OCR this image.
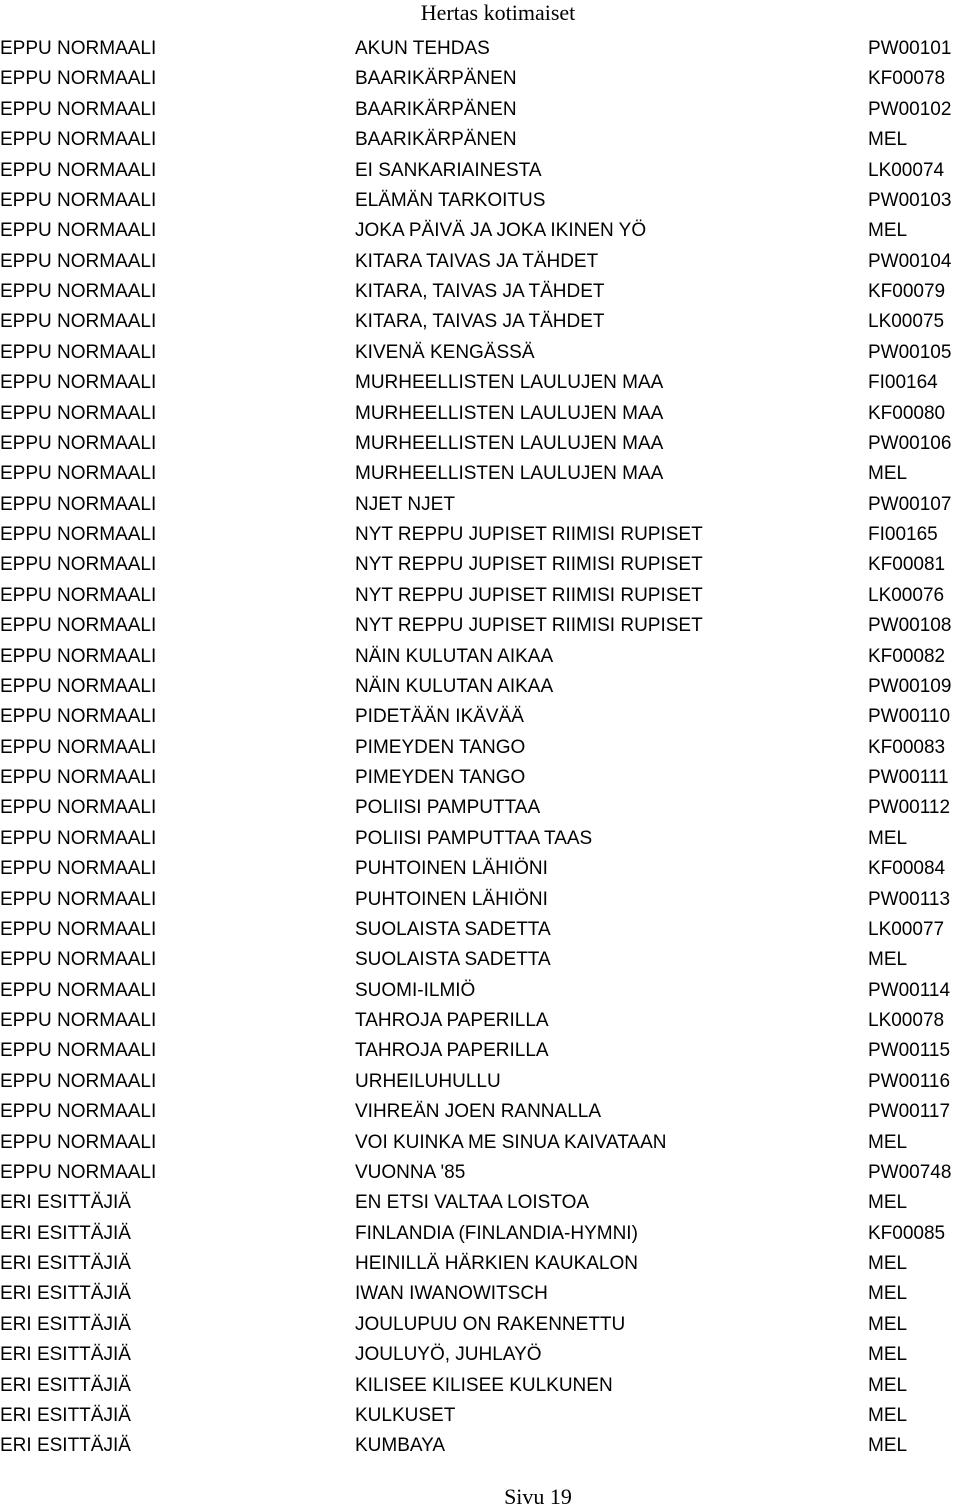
Hertas kotimaiset
EPPU NORMAALI	AKUN TEHDAS	PW00101
EPPU NORMAALI	BAARIKÄRPÄNEN	KF00078
EPPU NORMAALI	BAARIKÄRPÄNEN	PW00102
EPPU NORMAALI	BAARIKÄRPÄNEN	MEL
EPPU NORMAALI	EI SANKARIAINESTA	LK00074
EPPU NORMAALI	ELÄMÄN TARKOITUS	PW00103
EPPU NORMAALI	JOKA PÄIVÄ JA JOKA IKINEN YÖ	MEL
EPPU NORMAALI	KITARA TAIVAS JA TÄHDET	PW00104
EPPU NORMAALI	KITARA, TAIVAS JA TÄHDET	KF00079
EPPU NORMAALI	KITARA, TAIVAS JA TÄHDET	LK00075
EPPU NORMAALI	KIVENÄ KENGÄSSÄ	PW00105
EPPU NORMAALI	MURHEELLISTEN LAULUJEN MAA	FI00164
EPPU NORMAALI	MURHEELLISTEN LAULUJEN MAA	KF00080
EPPU NORMAALI	MURHEELLISTEN LAULUJEN MAA	PW00106
EPPU NORMAALI	MURHEELLISTEN LAULUJEN MAA	MEL
EPPU NORMAALI	NJET NJET	PW00107
EPPU NORMAALI	NYT REPPU JUPISET RIIMISI RUPISET	FI00165
EPPU NORMAALI	NYT REPPU JUPISET RIIMISI RUPISET	KF00081
EPPU NORMAALI	NYT REPPU JUPISET RIIMISI RUPISET	LK00076
EPPU NORMAALI	NYT REPPU JUPISET RIIMISI RUPISET	PW00108
EPPU NORMAALI	NÄIN KULUTAN AIKAA	KF00082
EPPU NORMAALI	NÄIN KULUTAN AIKAA	PW00109
EPPU NORMAALI	PIDETÄÄN IKÄVÄÄ	PW00110
EPPU NORMAALI	PIMEYDEN TANGO	KF00083
EPPU NORMAALI	PIMEYDEN TANGO	PW00111
EPPU NORMAALI	POLIISI PAMPUTTAA	PW00112
EPPU NORMAALI	POLIISI PAMPUTTAA TAAS	MEL
EPPU NORMAALI	PUHTOINEN LÄHIÖNI	KF00084
EPPU NORMAALI	PUHTOINEN LÄHIÖNI	PW00113
EPPU NORMAALI	SUOLAISTA SADETTA	LK00077
EPPU NORMAALI	SUOLAISTA SADETTA	MEL
EPPU NORMAALI	SUOMI-ILMIÖ	PW00114
EPPU NORMAALI	TAHROJA PAPERILLA	LK00078
EPPU NORMAALI	TAHROJA PAPERILLA	PW00115
EPPU NORMAALI	URHEILUHULLU	PW00116
EPPU NORMAALI	VIHREÄN JOEN RANNALLA	PW00117
EPPU NORMAALI	VOI KUINKA ME SINUA KAIVATAAN	MEL
EPPU NORMAALI	VUONNA '85	PW00748
ERI ESITTÄJIÄ	EN ETSI VALTAA LOISTOA	MEL
ERI ESITTÄJIÄ	FINLANDIA (FINLANDIA-HYMNI)	KF00085
ERI ESITTÄJIÄ	HEINILLÄ HÄRKIEN KAUKALON	MEL
ERI ESITTÄJIÄ	IWAN IWANOWITSCH	MEL
ERI ESITTÄJIÄ	JOULUPUU ON RAKENNETTU	MEL
ERI ESITTÄJIÄ	JOULUYÖ, JUHLAYÖ	MEL
ERI ESITTÄJIÄ	KILISEE KILISEE KULKUNEN	MEL
ERI ESITTÄJIÄ	KULKUSET	MEL
ERI ESITTÄJIÄ	KUMBAYA	MEL
Sivu 19
